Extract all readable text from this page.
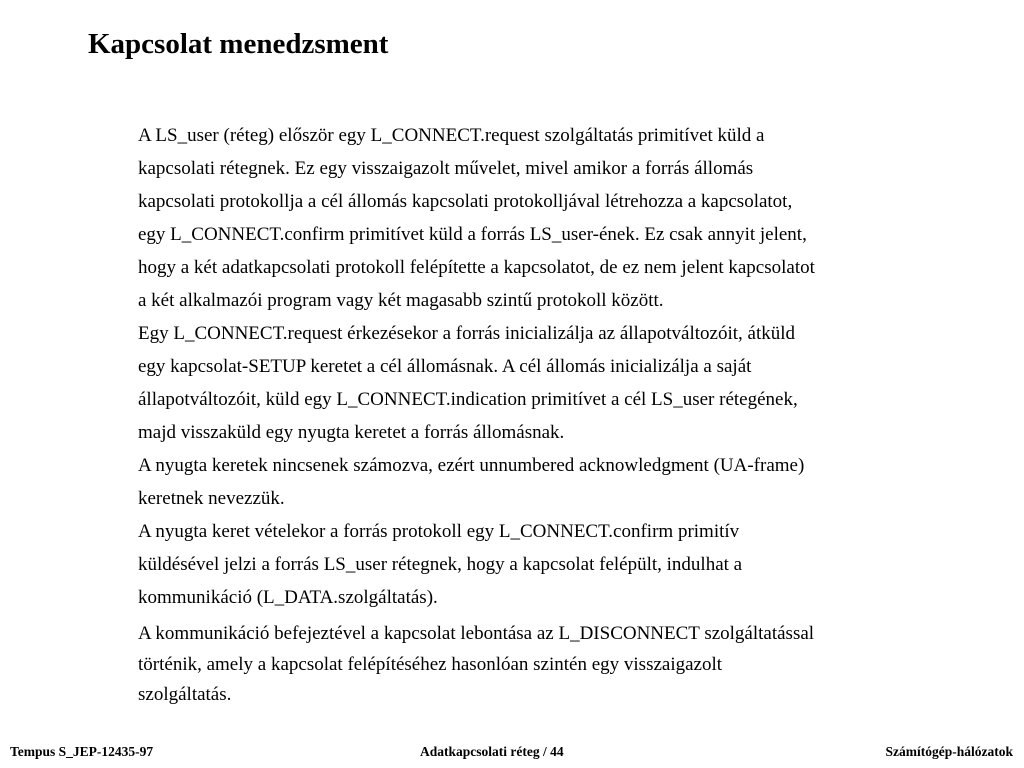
Kapcsolat menedzsment

A LS_user (réteg) először egy L_CONNECT.request szolgáltatás primitívet küld a
kapcsolati rétegnek. Ez egy visszaigazolt művelet, mivel amikor a forrás állomás
kapcsolati protokollja a cél állomás kapcsolati protokolljával létrehozza a kapcsolatot,
egy L_CONNECT.confirm primitívet küld a forrás LS_user-ének. Ez csak annyit jelent,
hogy a két adatkapcsolati protokoll felépítette a kapcsolatot, de ez nem jelent kapcsolatot
a két alkalmazói program vagy két magasabb szintű protokoll között.

Egy L_CONNECT.request érkezésekor a forrás inicializálja az állapotváltozóit, átküld
egy kapcsolat-SETUP keretet a cél állomásnak. A cél állomás inicializálja a saját
állapotváltozóit, küld egy L_CONNECT.indication primitívet a cél LS_user rétegének,
majd visszaküld egy nyugta keretet a forrás állomásnak.

A nyugta keretek nincsenek számozva, ezért unnumbered acknowledgment (UA-frame)
keretnek nevezzük.

A nyugta keret vételekor a forrás protokoll egy L_CONNECT.confirm primitív
küldésével jelzi a forrás LS_user rétegnek, hogy a kapcsolat felépült, indulhat a
kommunikáció (L_DATA.szolgáltatás).

A kommunikáció befejeztével a kapcsolat lebontása az L_DISCONNECT szolgáltatással
történik, amely a kapcsolat felépítéséhez hasonlóan szintén egy visszaigazolt
szolgáltatás.

Tempus S_JEP-12435-97	Adatkapcsolati réteg / 44	Számítógép-hálózatok
